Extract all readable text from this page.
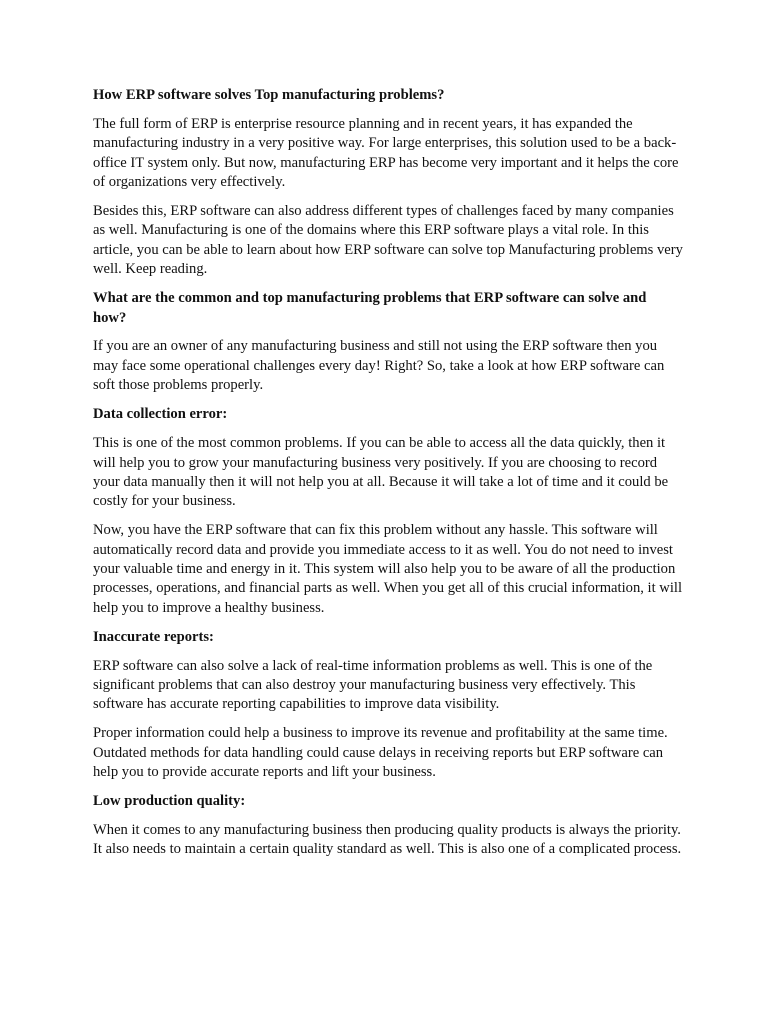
How ERP software solves Top manufacturing problems?

The full form of ERP is enterprise resource planning and in recent years, it has expanded the manufacturing industry in a very positive way. For large enterprises, this solution used to be a back-office IT system only. But now, manufacturing ERP has become very important and it helps the core of organizations very effectively.

Besides this, ERP software can also address different types of challenges faced by many companies as well. Manufacturing is one of the domains where this ERP software plays a vital role. In this article, you can be able to learn about how ERP software can solve top Manufacturing problems very well. Keep reading.

What are the common and top manufacturing problems that ERP software can solve and how?

If you are an owner of any manufacturing business and still not using the ERP software then you may face some operational challenges every day! Right? So, take a look at how ERP software can soft those problems properly.

Data collection error:

This is one of the most common problems. If you can be able to access all the data quickly, then it will help you to grow your manufacturing business very positively. If you are choosing to record your data manually then it will not help you at all. Because it will take a lot of time and it could be costly for your business.

Now, you have the ERP software that can fix this problem without any hassle. This software will automatically record data and provide you immediate access to it as well. You do not need to invest your valuable time and energy in it. This system will also help you to be aware of all the production processes, operations, and financial parts as well. When you get all of this crucial information, it will help you to improve a healthy business.

Inaccurate reports:

ERP software can also solve a lack of real-time information problems as well. This is one of the significant problems that can also destroy your manufacturing business very effectively. This software has accurate reporting capabilities to improve data visibility.

Proper information could help a business to improve its revenue and profitability at the same time. Outdated methods for data handling could cause delays in receiving reports but ERP software can help you to provide accurate reports and lift your business.

Low production quality:

When it comes to any manufacturing business then producing quality products is always the priority. It also needs to maintain a certain quality standard as well. This is also one of a complicated process.
